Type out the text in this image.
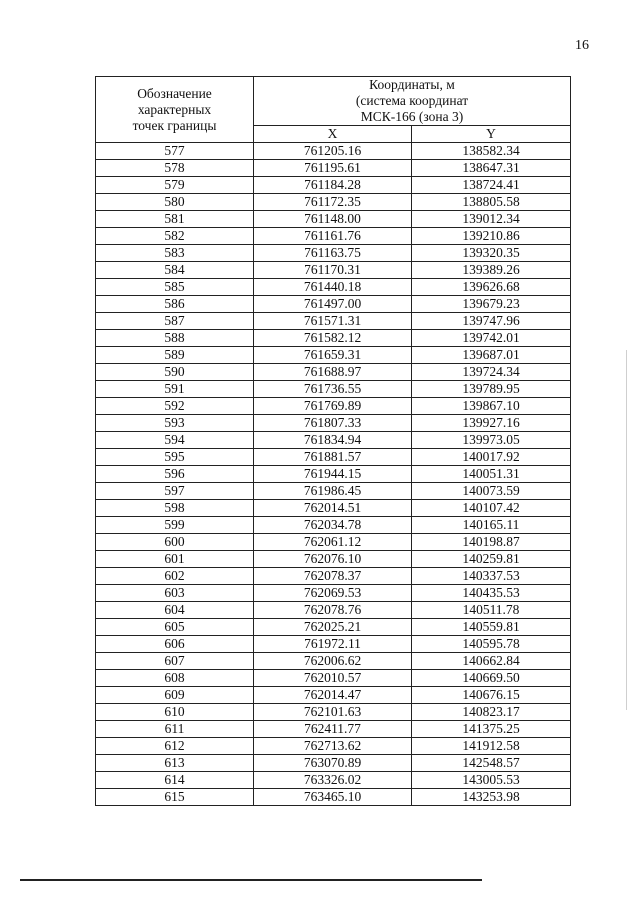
16
Обозначение
характерных
точек границы	Координаты, м
(система координат
МСК-166 (зона 3)	

	X	Y
577	761205.16	138582.34
578	761195.61	138647.31
579	761184.28	138724.41
580	761172.35	138805.58
581	761148.00	139012.34
582	761161.76	139210.86
583	761163.75	139320.35
584	761170.31	139389.26
585	761440.18	139626.68
586	761497.00	139679.23
587	761571.31	139747.96
588	761582.12	139742.01
589	761659.31	139687.01
590	761688.97	139724.34
591	761736.55	139789.95
592	761769.89	139867.10
593	761807.33	139927.16
594	761834.94	139973.05
595	761881.57	140017.92
596	761944.15	140051.31
597	761986.45	140073.59
598	762014.51	140107.42
599	762034.78	140165.11
600	762061.12	140198.87
601	762076.10	140259.81
602	762078.37	140337.53
603	762069.53	140435.53
604	762078.76	140511.78
605	762025.21	140559.81
606	761972.11	140595.78
607	762006.62	140662.84
608	762010.57	140669.50
609	762014.47	140676.15
610	762101.63	140823.17
611	762411.77	141375.25
612	762713.62	141912.58
613	763070.89	142548.57
614	763326.02	143005.53
615	763465.10	143253.98
